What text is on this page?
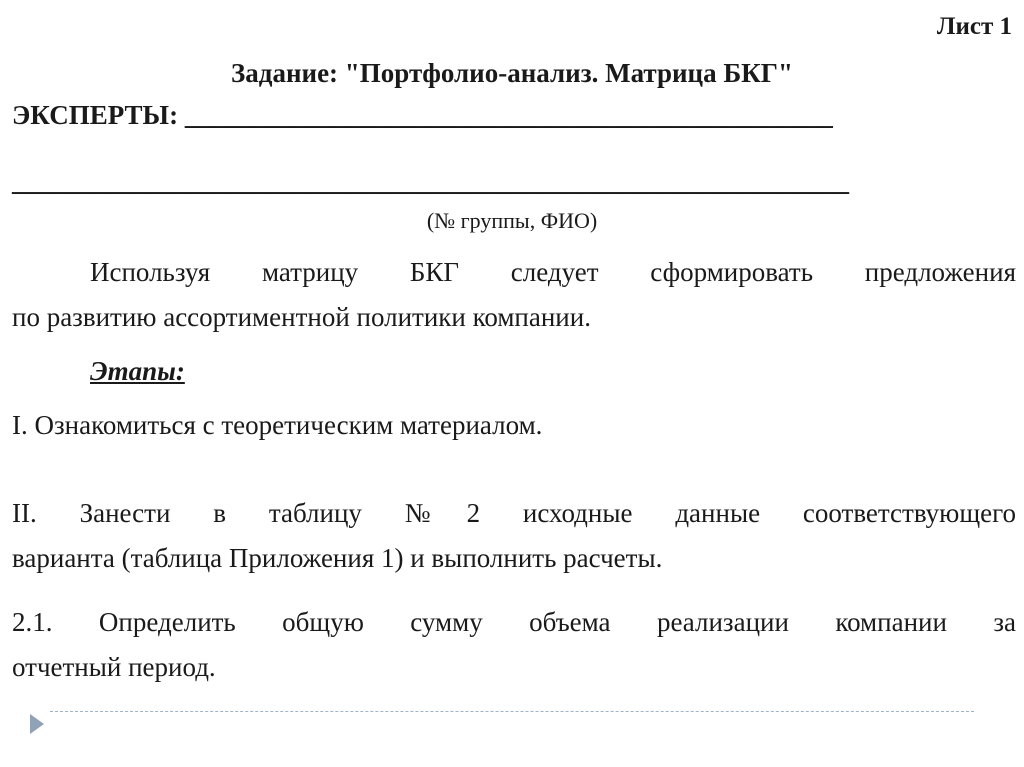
Лист 1
Задание: "Портфолио-анализ. Матрица БКГ"
ЭКСПЕРТЫ: ________________________________________________
______________________________________________________________
(№ группы, ФИО)
Используя матрицу БКГ следует сформировать предложения
по развитию ассортиментной политики компании.
Этапы:
I. Ознакомиться с теоретическим материалом.
II. Занести в таблицу №2 исходные данные соответствующего
варианта (таблица Приложения 1) и выполнить расчеты.
2.1. Определить общую сумму объема реализации компании за
отчетный период.
